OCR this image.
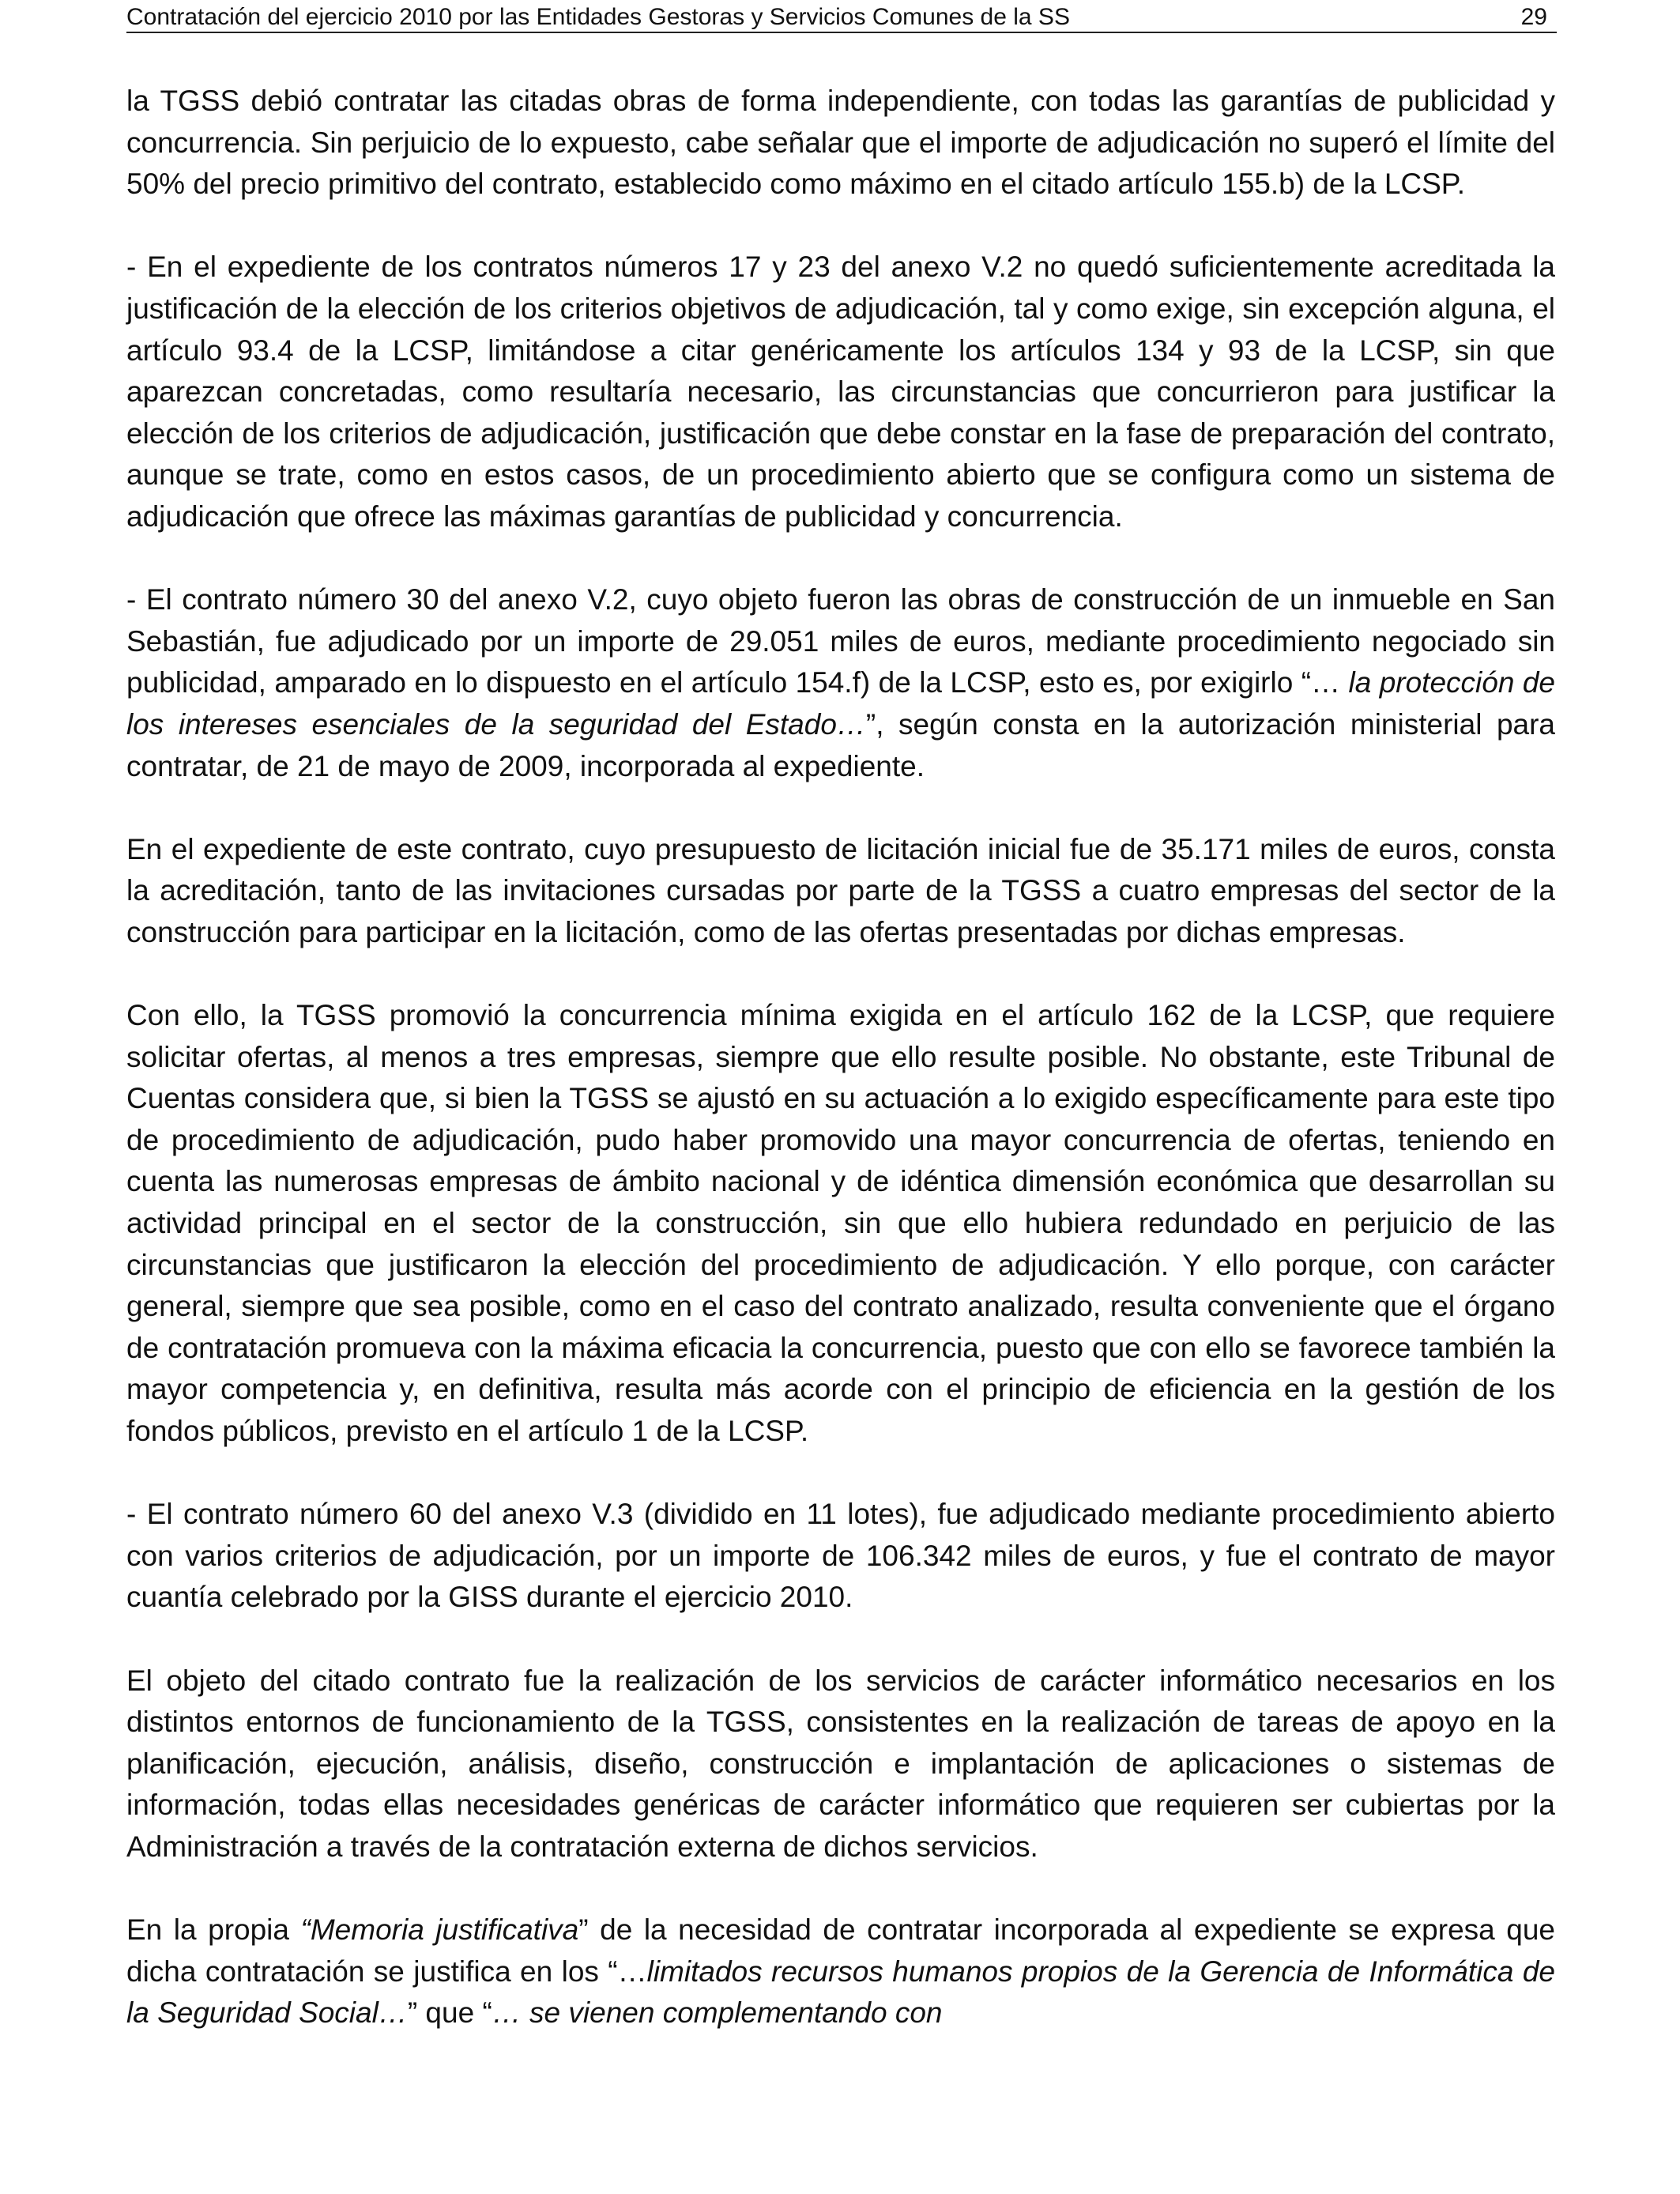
Contratación del ejercicio 2010 por las Entidades Gestoras y Servicios Comunes de la SS	29

la TGSS debió contratar las citadas obras de forma independiente, con todas las garantías de publicidad y concurrencia. Sin perjuicio de lo expuesto, cabe señalar que el importe de adjudicación no superó el límite del 50% del precio primitivo del contrato, establecido como máximo en el citado artículo 155.b) de la LCSP.

- En el expediente de los contratos números 17 y 23 del anexo V.2 no quedó suficientemente acreditada la justificación de la elección de los criterios objetivos de adjudicación, tal y como exige, sin excepción alguna, el artículo 93.4 de la LCSP, limitándose a citar genéricamente los artículos 134 y 93 de la LCSP, sin que aparezcan concretadas, como resultaría necesario, las circunstancias que concurrieron para justificar la elección de los criterios de adjudicación, justificación que debe constar en la fase de preparación del contrato, aunque se trate, como en estos casos, de un procedimiento abierto que se configura como un sistema de adjudicación que ofrece las máximas garantías de publicidad y concurrencia.

- El contrato número 30 del anexo V.2, cuyo objeto fueron las obras de construcción de un inmueble en San Sebastián, fue adjudicado por un importe de 29.051 miles de euros, mediante procedimiento negociado sin publicidad, amparado en lo dispuesto en el artículo 154.f) de la LCSP, esto es, por exigirlo “… la protección de los intereses esenciales de la seguridad del Estado…”, según consta en la autorización ministerial para contratar, de 21 de mayo de 2009, incorporada al expediente.

En el expediente de este contrato, cuyo presupuesto de licitación inicial fue de 35.171 miles de euros, consta la acreditación, tanto de las invitaciones cursadas por parte de la TGSS a cuatro empresas del sector de la construcción para participar en la licitación, como de las ofertas presentadas por dichas empresas.

Con ello, la TGSS promovió la concurrencia mínima exigida en el artículo 162 de la LCSP, que requiere solicitar ofertas, al menos a tres empresas, siempre que ello resulte posible. No obstante, este Tribunal de Cuentas considera que, si bien la TGSS se ajustó en su actuación a lo exigido específicamente para este tipo de procedimiento de adjudicación, pudo haber promovido una mayor concurrencia de ofertas, teniendo en cuenta las numerosas empresas de ámbito nacional y de idéntica dimensión económica que desarrollan su actividad principal en el sector de la construcción, sin que ello hubiera redundado en perjuicio de las circunstancias que justificaron la elección del procedimiento de adjudicación. Y ello porque, con carácter general, siempre que sea posible, como en el caso del contrato analizado, resulta conveniente que el órgano de contratación promueva con la máxima eficacia la concurrencia, puesto que con ello se favorece también la mayor competencia y, en definitiva, resulta más acorde con el principio de eficiencia en la gestión de los fondos públicos, previsto en el artículo 1 de la LCSP.

- El contrato número 60 del anexo V.3 (dividido en 11 lotes), fue adjudicado mediante procedimiento abierto con varios criterios de adjudicación, por un importe de 106.342 miles de euros, y fue el contrato de mayor cuantía celebrado por la GISS durante el ejercicio 2010.

El objeto del citado contrato fue la realización de los servicios de carácter informático necesarios en los distintos entornos de funcionamiento de la TGSS, consistentes en la realización de tareas de apoyo en la planificación, ejecución, análisis, diseño, construcción e implantación de aplicaciones o sistemas de información, todas ellas necesidades genéricas de carácter informático que requieren ser cubiertas por la Administración a través de la contratación externa de dichos servicios.

En la propia “Memoria justificativa” de la necesidad de contratar incorporada al expediente se expresa que dicha contratación se justifica en los “…limitados recursos humanos propios de la Gerencia de Informática de la Seguridad Social…” que “… se vienen complementando con
